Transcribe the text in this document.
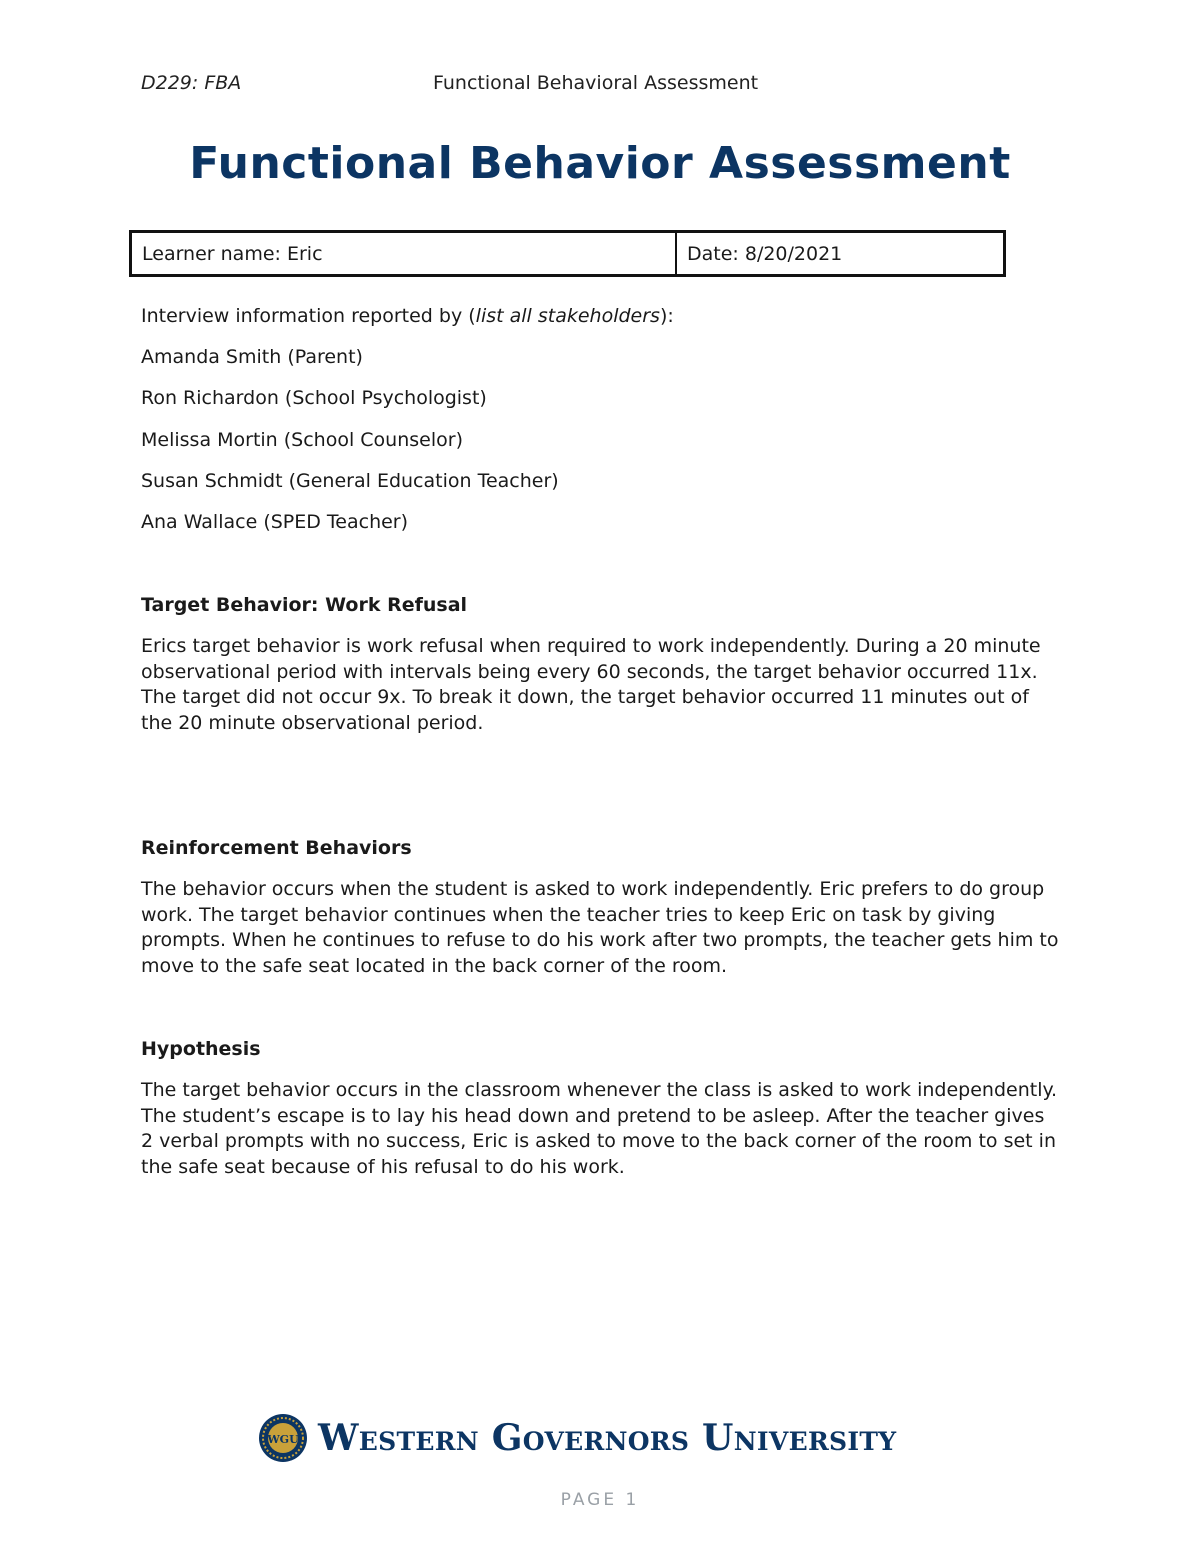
D229: FBA	Functional Behavioral Assessment
Functional Behavior Assessment
Learner name: Eric	Date: 8/20/2021
Interview information reported by (list all stakeholders):
Amanda Smith (Parent)
Ron Richardon (School Psychologist)
Melissa Mortin (School Counselor)
Susan Schmidt (General Education Teacher)
Ana Wallace (SPED Teacher)
Target Behavior: Work Refusal

Erics target behavior is work refusal when required to work independently. During a 20 minute observational period with intervals being every 60 seconds, the target behavior occurred 11x. The target did not occur 9x. To break it down, the target behavior occurred 11 minutes out of the 20 minute observational period.

Reinforcement Behaviors

The behavior occurs when the student is asked to work independently. Eric prefers to do group work. The target behavior continues when the teacher tries to keep Eric on task by giving prompts. When he continues to refuse to do his work after two prompts, the teacher gets him to move to the safe seat located in the back corner of the room.

Hypothesis

The target behavior occurs in the classroom whenever the class is asked to work independently. The student’s escape is to lay his head down and pretend to be asleep. After the teacher gives 2 verbal prompts with no success, Eric is asked to move to the back corner of the room to set in the safe seat because of his refusal to do his work.

WGU Western Governors University
PAGE 1
